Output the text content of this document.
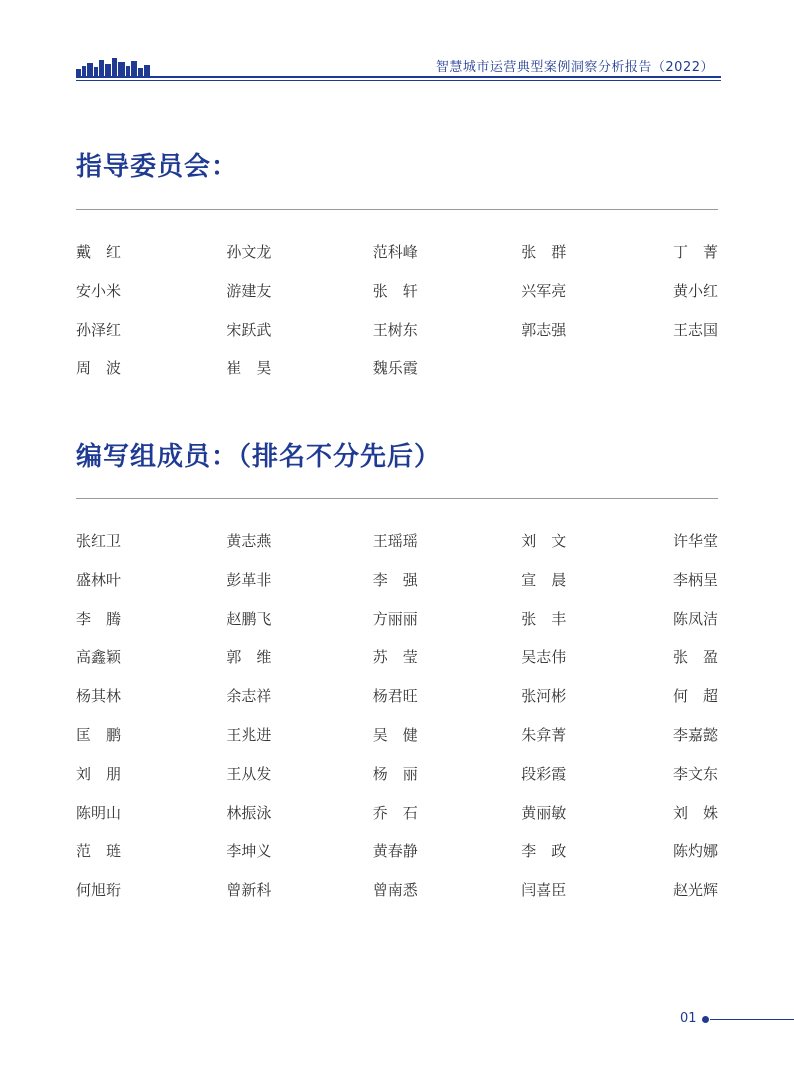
智慧城市运营典型案例洞察分析报告（2022）
指导委员会：
戴　红	孙文龙	范科峰	张　群	丁　菁
安小米	游建友	张　轩	兴军亮	黄小红
孙泽红	宋跃武	王树东	郭志强	王志国
周　波	崔　昊	魏乐霞
编写组成员：（排名不分先后）
张红卫	黄志燕	王瑶瑶	刘　文	许华堂
盛林叶	彭革非	李　强	宣　晨	李柄呈
李　腾	赵鹏飞	方丽丽	张　丰	陈凤洁
高鑫颖	郭　维	苏　莹	吴志伟	张　盈
杨其林	余志祥	杨君旺	张河彬	何　超
匡　鹏	王兆进	吴　健	朱弇菁	李嘉懿
刘　朋	王从发	杨　丽	段彩霞	李文东
陈明山	林振泳	乔　石	黄丽敏	刘　姝
范　琏	李坤义	黄春静	李　政	陈灼娜
何旭珩	曾新科	曾南悉	闫喜臣	赵光辉
01
